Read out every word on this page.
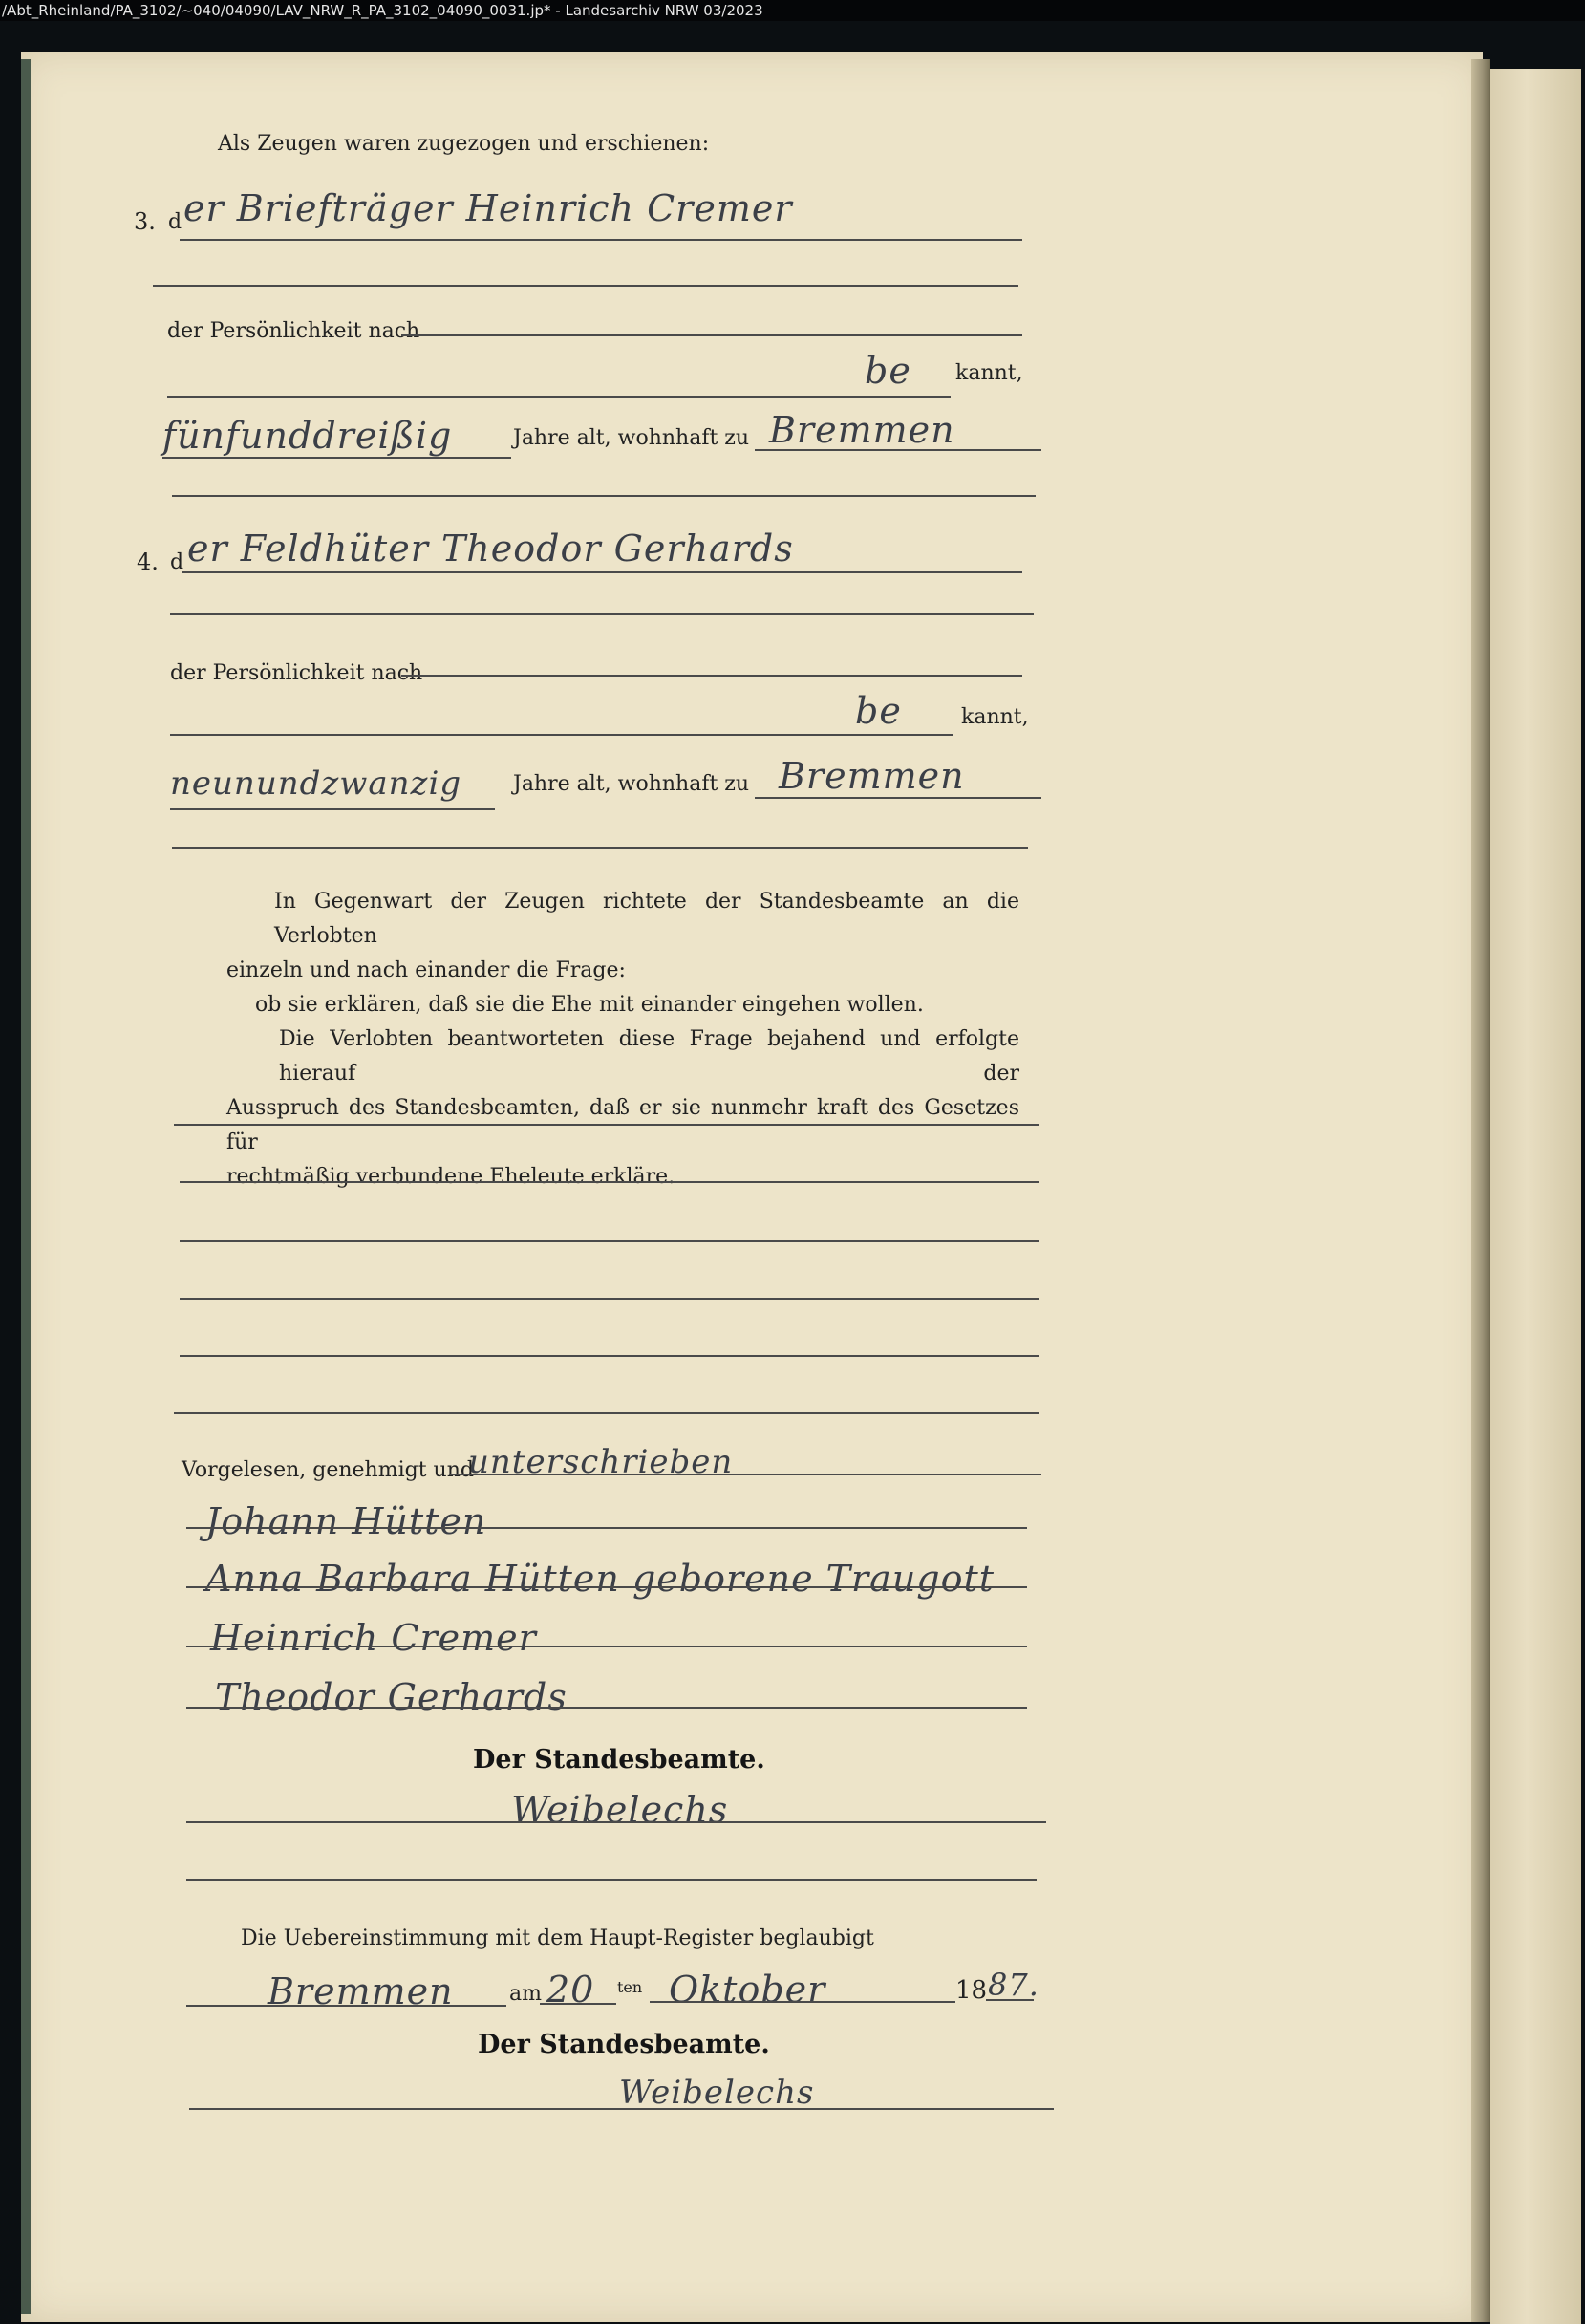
/Abt_Rheinland/PA_3102/~040/04090/LAV_NRW_R_PA_3102_04090_0031.jp* - Landesarchiv NRW 03/2023
Als Zeugen waren zugezogen und erschienen:
3. d er Briefträger Heinrich Cremer
der Persönlichkeit nach
be kannt,
fünfunddreißig	Jahre alt, wohnhaft zu Bremmen
4. d er Feldhüter Theodor Gerhards
der Persönlichkeit nach
be	kannt,
neunundzwanzig Jahre alt, wohnhaft zu Bremmen
In Gegenwart der Zeugen richtete der Standesbeamte an die Verlobten
einzeln und nach einander die Frage:
ob sie erklären, daß sie die Ehe mit einander eingehen wollen.
Die Verlobten beantworteten diese Frage bejahend und erfolgte hierauf der
Ausspruch des Standesbeamten, daß er sie nunmehr kraft des Gesetzes für
rechtmäßig verbundene Eheleute erkläre.
Vorgelesen, genehmigt und
unterschrieben
Johann Hütten
Anna Barbara Hütten geborene Traugott
Heinrich Cremer
Theodor Gerhards
Der Standesbeamte.
Weibelechs
Die Uebereinstimmung mit dem Haupt-Register beglaubigt
Bremmen	am 20 ten Oktober	18 87.
Der Standesbeamte.
Weibelechs
